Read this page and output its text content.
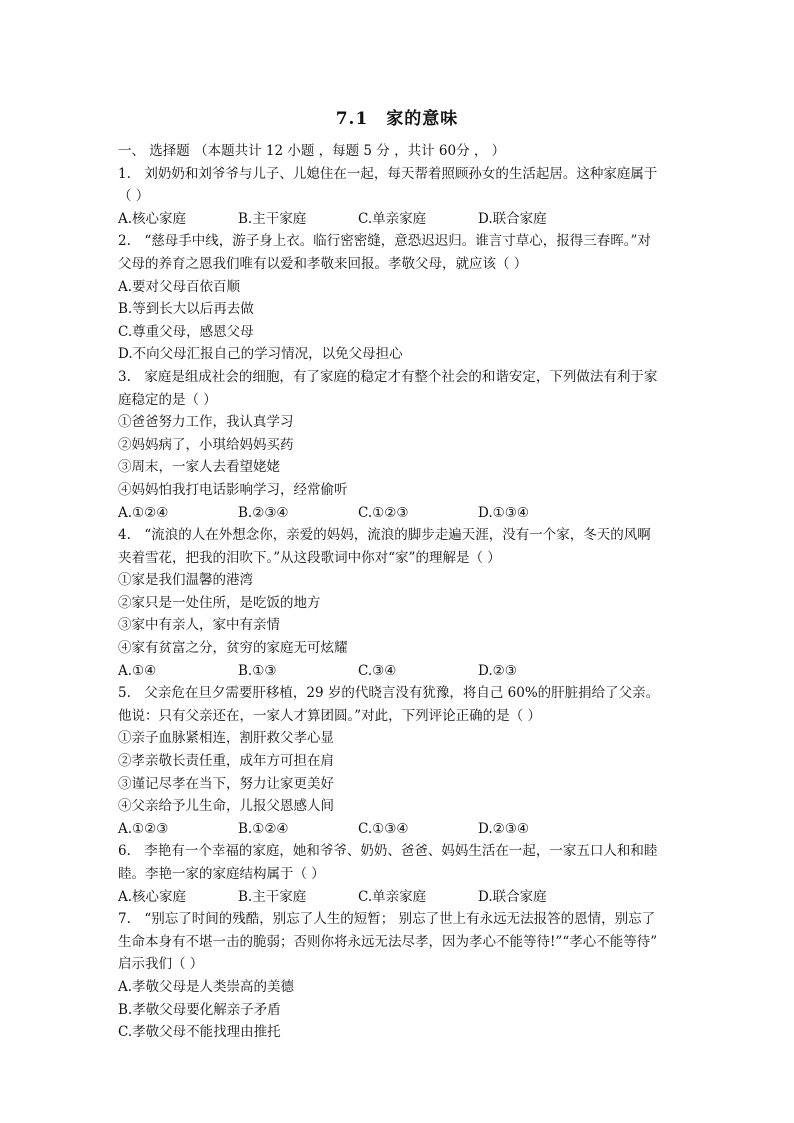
7.1　家的意味
一、 选择题 （本题共计 12 小题 ，每题 5 分 ，共计 60分 ， ）
1.　刘奶奶和刘爷爷与儿子、儿媳住在一起，每天帮着照顾孙女的生活起居。这种家庭属于
（ ）
A.核心家庭	B.主干家庭	C.单亲家庭	D.联合家庭
2.　“慈母手中线，游子身上衣。临行密密缝，意恐迟迟归。谁言寸草心，报得三春晖。”对
父母的养育之恩我们唯有以爱和孝敬来回报。孝敬父母，就应该（ ）
A.要对父母百依百顺
B.等到长大以后再去做
C.尊重父母，感恩父母
D.不向父母汇报自己的学习情况，以免父母担心
3.　家庭是组成社会的细胞，有了家庭的稳定才有整个社会的和谐安定，下列做法有利于家
庭稳定的是（ ）
①爸爸努力工作，我认真学习
②妈妈病了，小琪给妈妈买药
③周末，一家人去看望姥姥
④妈妈怕我打电话影响学习，经常偷听
A.①②④	B.②③④	C.①②③	D.①③④
4.　“流浪的人在外想念你，亲爱的妈妈，流浪的脚步走遍天涯，没有一个家，冬天的风啊
夹着雪花，把我的泪吹下。”从这段歌词中你对“家”的理解是（ ）
①家是我们温馨的港湾
②家只是一处住所，是吃饭的地方
③家中有亲人，家中有亲情
④家有贫富之分，贫穷的家庭无可炫耀
A.①④	B.①③	C.③④	D.②③
5.　父亲危在旦夕需要肝移植，29 岁的代晓言没有犹豫，将自己 60%的肝脏捐给了父亲。
他说：只有父亲还在，一家人才算团圆。”对此，下列评论正确的是（ ）
①亲子血脉紧相连，割肝救父孝心显
②孝亲敬长责任重，成年方可担在肩
③谨记尽孝在当下，努力让家更美好
④父亲给予儿生命，儿报父恩感人间
A.①②③	B.①②④	C.①③④	D.②③④
6.　李艳有一个幸福的家庭，她和爷爷、奶奶、爸爸、妈妈生活在一起，一家五口人和和睦
睦。李艳一家的家庭结构属于（ ）
A.核心家庭	B.主干家庭	C.单亲家庭	D.联合家庭
7.　“别忘了时间的残酷，别忘了人生的短暂； 别忘了世上有永远无法报答的恩情，别忘了
生命本身有不堪一击的脆弱；否则你将永远无法尽孝，因为孝心不能等待!”“孝心不能等待”
启示我们（ ）
A.孝敬父母是人类崇高的美德
B.孝敬父母要化解亲子矛盾
C.孝敬父母不能找理由推托
